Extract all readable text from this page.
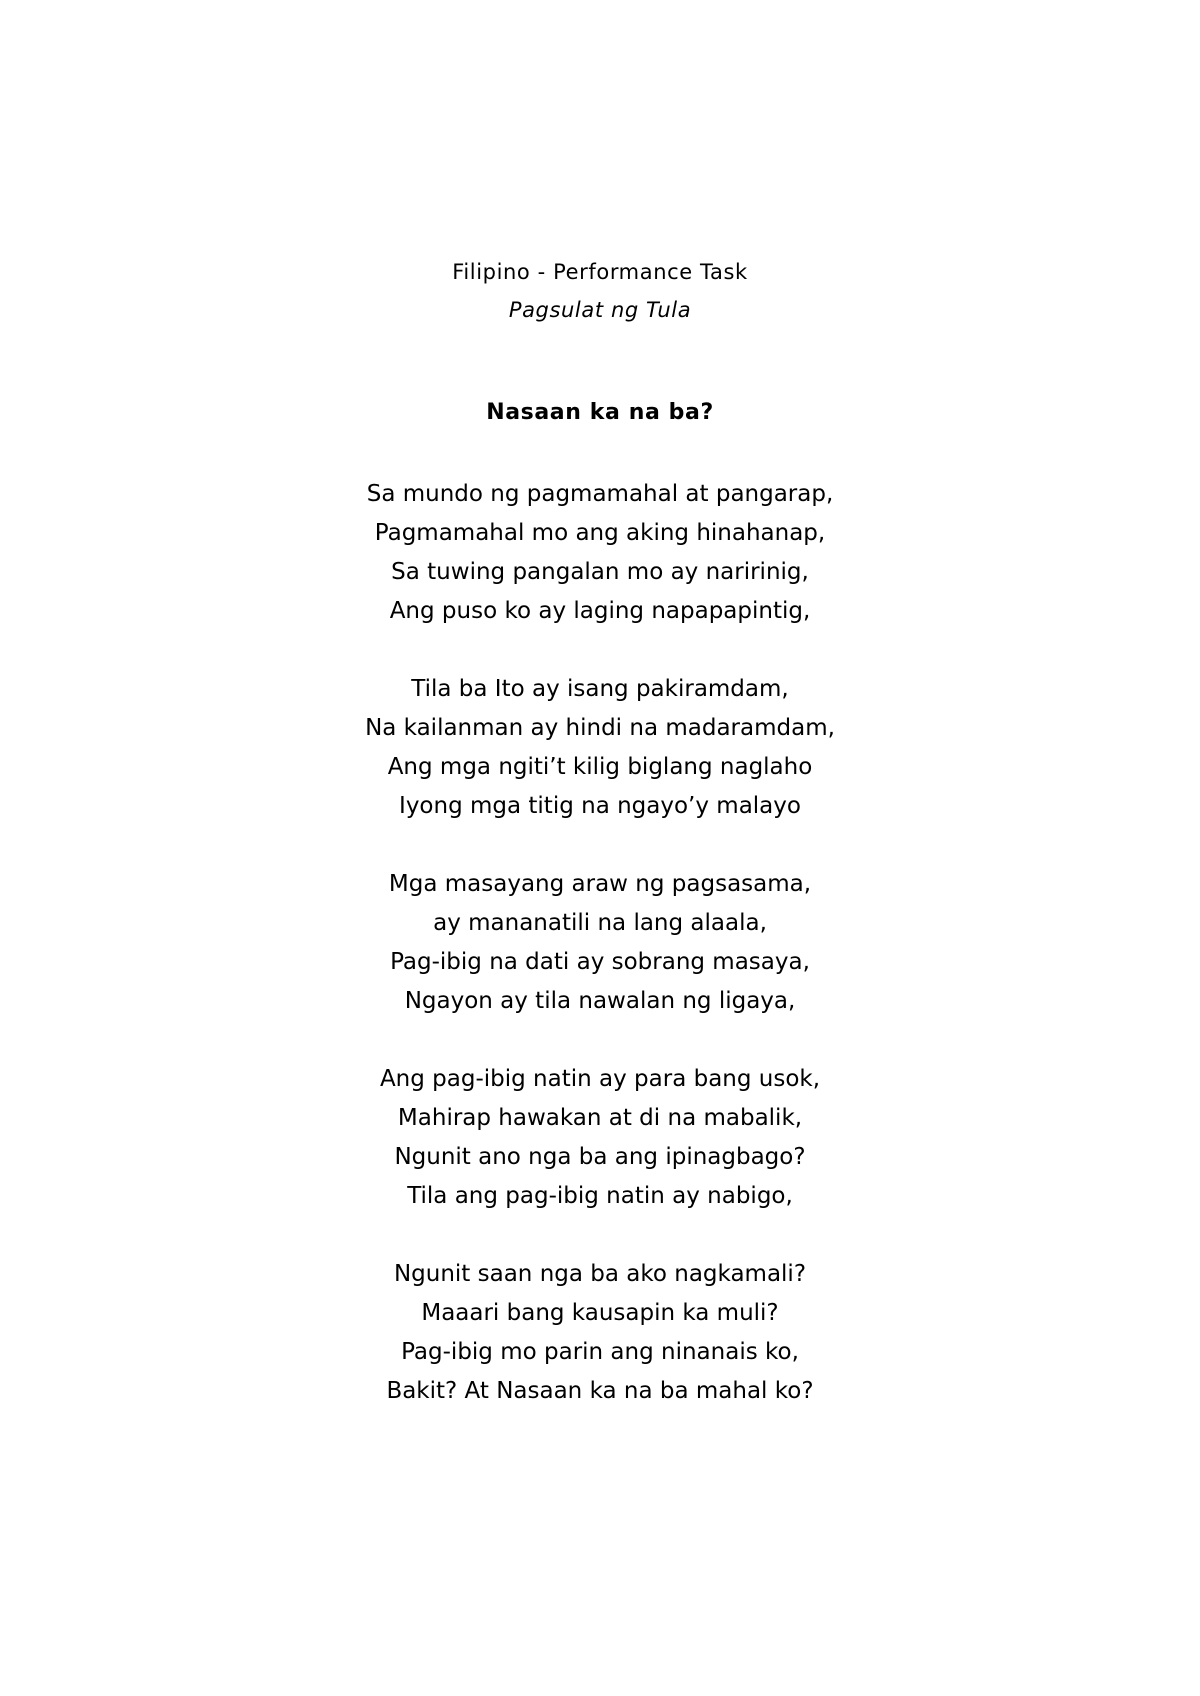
Filipino - Performance Task
Pagsulat ng Tula
Nasaan ka na ba?
Sa mundo ng pagmamahal at pangarap,
Pagmamahal mo ang aking hinahanap,
Sa tuwing pangalan mo ay naririnig,
Ang puso ko ay laging napapapintig,
Tila ba Ito ay isang pakiramdam,
Na kailanman ay hindi na madaramdam,
Ang mga ngiti’t kilig biglang naglaho
Iyong mga titig na ngayo’y malayo
Mga masayang araw ng pagsasama,
ay mananatili na lang alaala,
Pag-ibig na dati ay sobrang masaya,
Ngayon ay tila nawalan ng ligaya,
Ang pag-ibig natin ay para bang usok,
Mahirap hawakan at di na mabalik,
Ngunit ano nga ba ang ipinagbago?
Tila ang pag-ibig natin ay nabigo,
Ngunit saan nga ba ako nagkamali?
Maaari bang kausapin ka muli?
Pag-ibig mo parin ang ninanais ko,
Bakit? At Nasaan ka na ba mahal ko?
